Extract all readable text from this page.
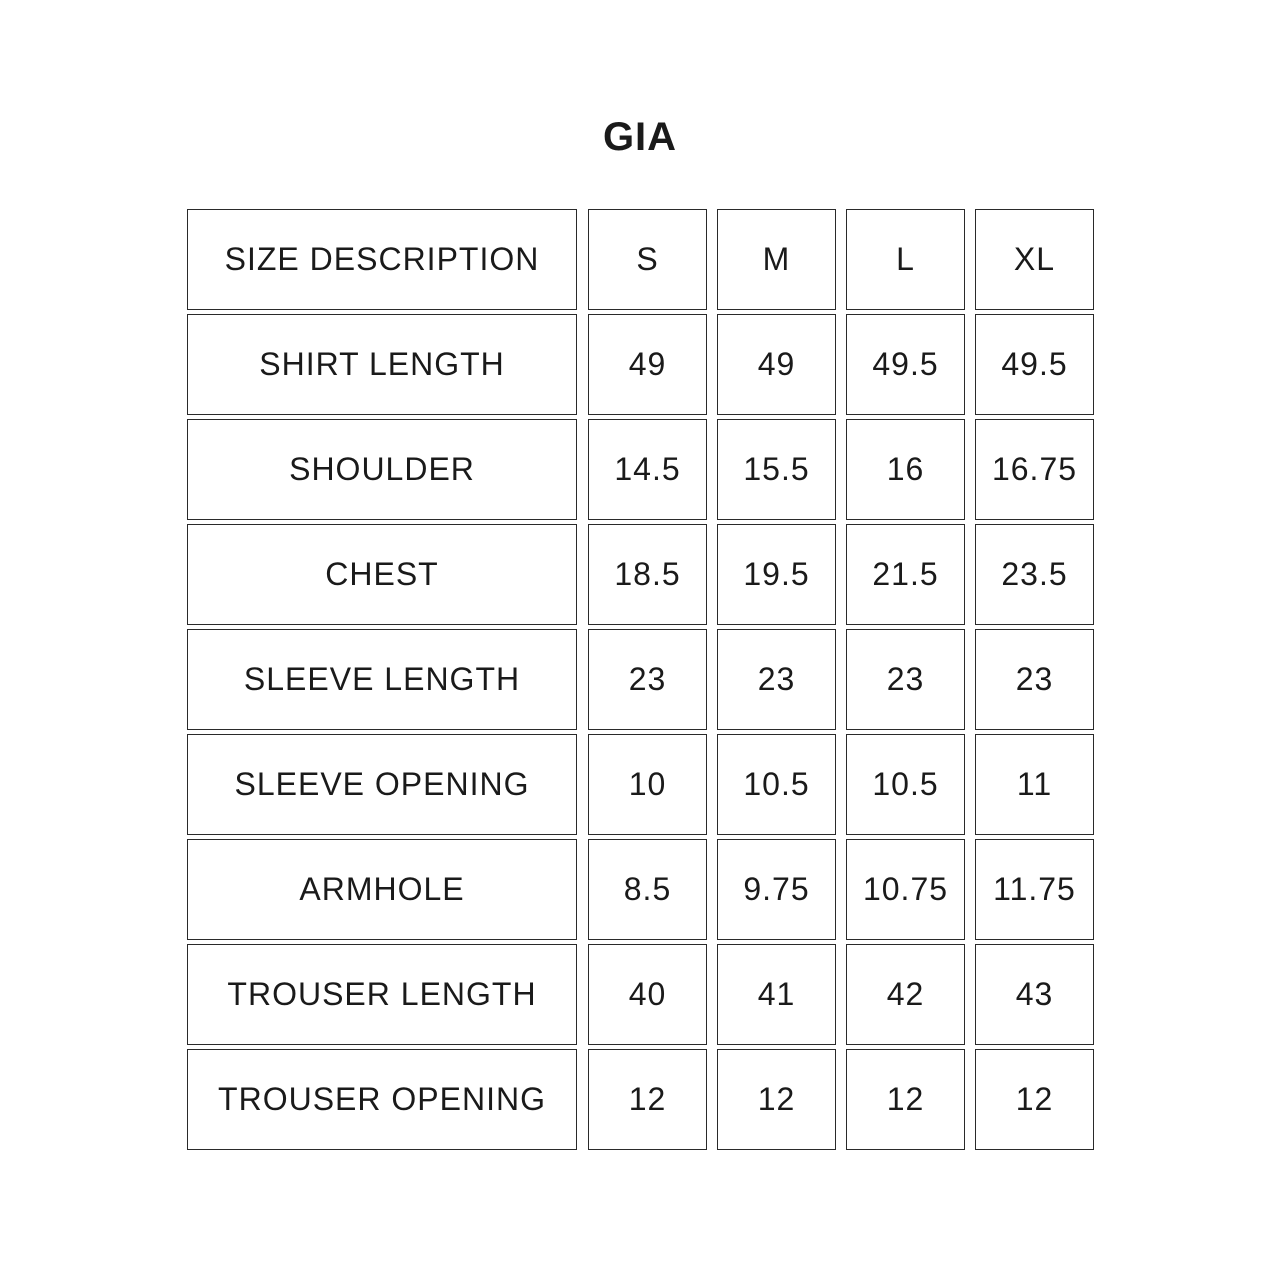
GIA
SIZE DESCRIPTION	S	M	L	XL
SHIRT LENGTH	49	49	49.5	49.5
SHOULDER	14.5	15.5	16	16.75
CHEST	18.5	19.5	21.5	23.5
SLEEVE LENGTH	23	23	23	23
SLEEVE OPENING	10	10.5	10.5	11
ARMHOLE	8.5	9.75	10.75	11.75
TROUSER LENGTH	40	41	42	43
TROUSER OPENING	12	12	12	12
